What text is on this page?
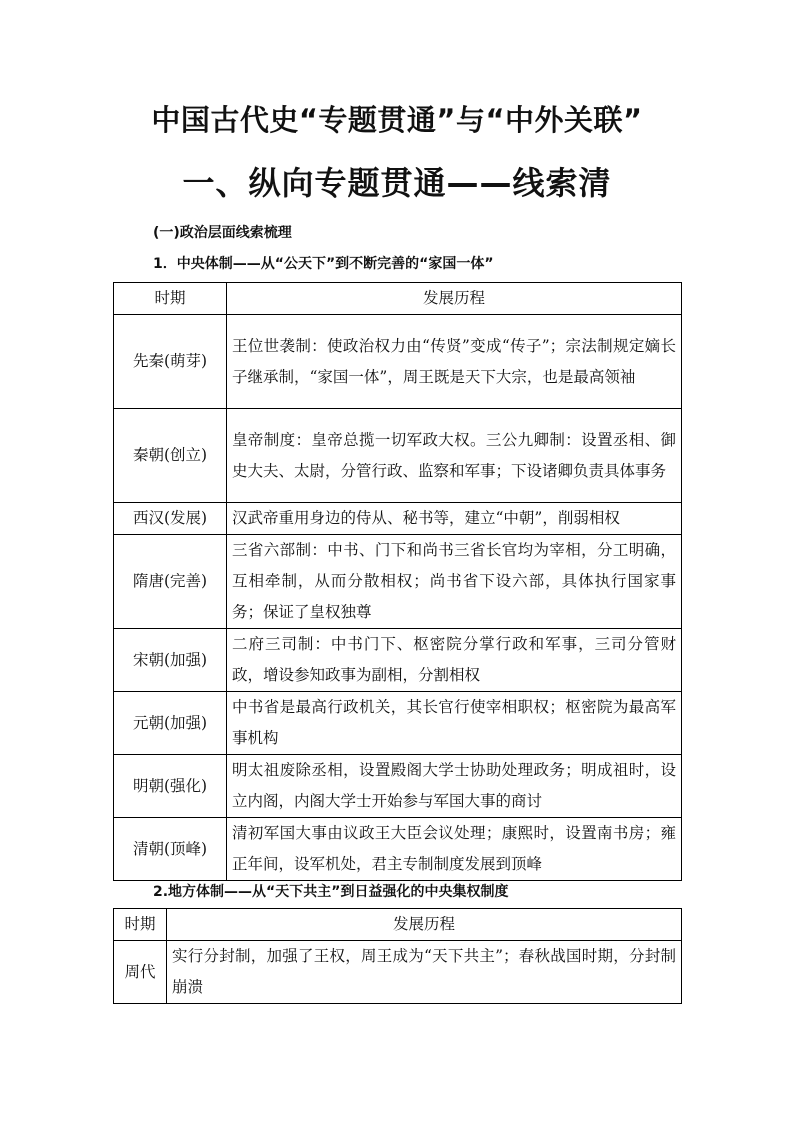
中国古代史“专题贯通”与“中外关联”
一、纵向专题贯通——线索清
(一)政治层面线索梳理
1．中央体制——从“公天下”到不断完善的“家国一体”
时期	发展历程
先秦(萌芽)	王位世袭制：使政治权力由“传贤”变成“传子”；宗法制规定嫡长子继承制，“家国一体”，周王既是天下大宗，也是最高领袖
秦朝(创立)	皇帝制度：皇帝总揽一切军政大权。三公九卿制：设置丞相、御史大夫、太尉，分管行政、监察和军事；下设诸卿负责具体事务
西汉(发展)	汉武帝重用身边的侍从、秘书等，建立“中朝”，削弱相权
隋唐(完善)	三省六部制：中书、门下和尚书三省长官均为宰相，分工明确，互相牵制，从而分散相权；尚书省下设六部，具体执行国家事务；保证了皇权独尊
宋朝(加强)	二府三司制：中书门下、枢密院分掌行政和军事，三司分管财政，增设参知政事为副相，分割相权
元朝(加强)	中书省是最高行政机关，其长官行使宰相职权；枢密院为最高军事机构
明朝(强化)	明太祖废除丞相，设置殿阁大学士协助处理政务；明成祖时，设立内阁，内阁大学士开始参与军国大事的商讨
清朝(顶峰)	清初军国大事由议政王大臣会议处理；康熙时，设置南书房；雍正年间，设军机处，君主专制制度发展到顶峰
2.地方体制——从“天下共主”到日益强化的中央集权制度
时期	发展历程
周代	实行分封制，加强了王权，周王成为“天下共主”；春秋战国时期，分封制崩溃
